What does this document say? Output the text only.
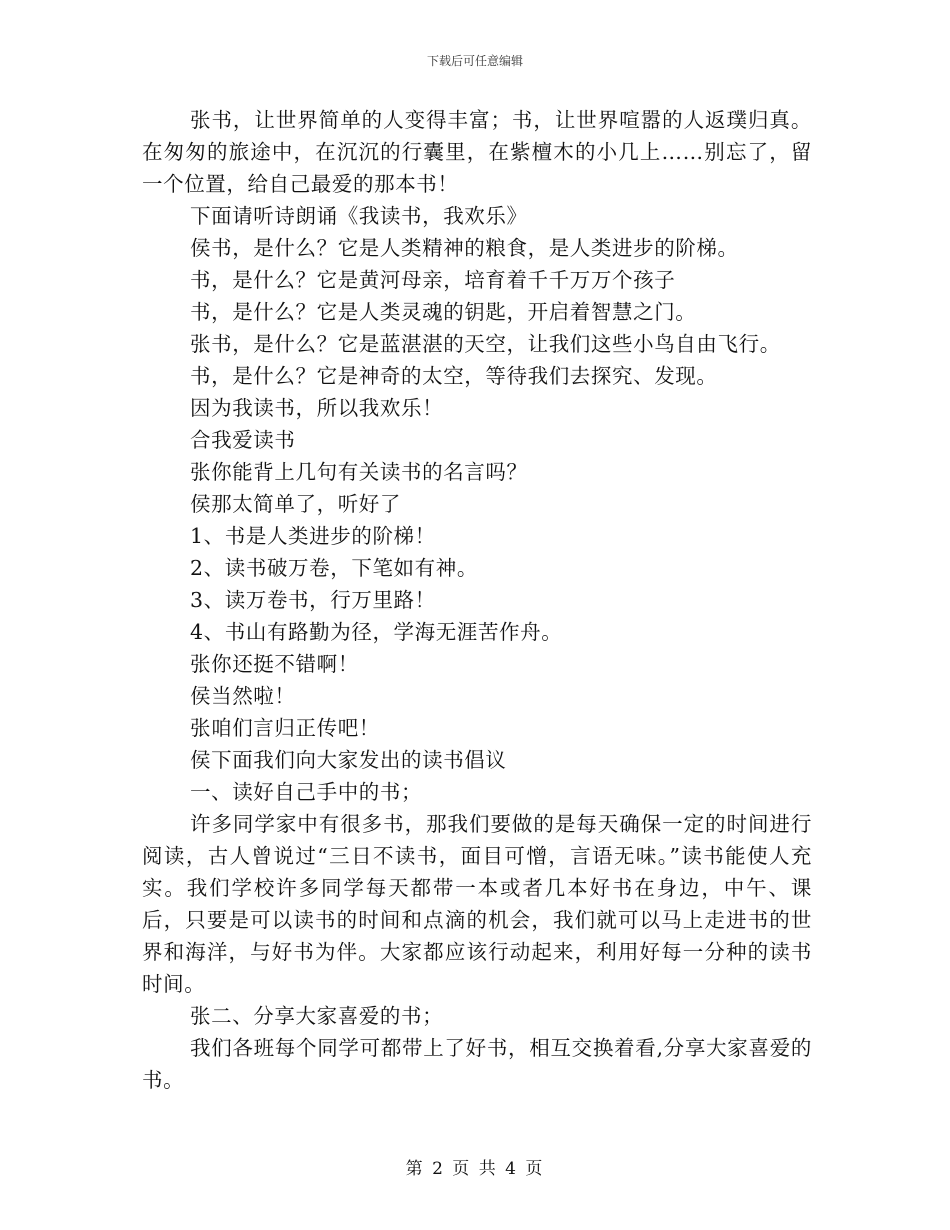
下载后可任意编辑

张书，让世界简单的人变得丰富；书，让世界喧嚣的人返璞归真。在匆匆的旅途中，在沉沉的行囊里，在紫檀木的小几上……别忘了，留一个位置，给自己最爱的那本书！

下面请听诗朗诵《我读书，我欢乐》

侯书，是什么？它是人类精神的粮食，是人类进步的阶梯。

书，是什么？它是黄河母亲，培育着千千万万个孩子

书，是什么？它是人类灵魂的钥匙，开启着智慧之门。

张书，是什么？它是蓝湛湛的天空，让我们这些小鸟自由飞行。

书，是什么？它是神奇的太空，等待我们去探究、发现。

因为我读书，所以我欢乐！

合我爱读书

张你能背上几句有关读书的名言吗？

侯那太简单了，听好了

1、书是人类进步的阶梯！

2、读书破万卷，下笔如有神。

3、读万卷书，行万里路！

4、书山有路勤为径，学海无涯苦作舟。

张你还挺不错啊！

侯当然啦！

张咱们言归正传吧！

侯下面我们向大家发出的读书倡议

一、读好自己手中的书；

许多同学家中有很多书，那我们要做的是每天确保一定的时间进行阅读，古人曾说过“三日不读书，面目可憎，言语无味。”读书能使人充实。我们学校许多同学每天都带一本或者几本好书在身边，中午、课后，只要是可以读书的时间和点滴的机会，我们就可以马上走进书的世界和海洋，与好书为伴。大家都应该行动起来，利用好每一分种的读书时间。

张二、分享大家喜爱的书；

我们各班每个同学可都带上了好书，相互交换着看,分享大家喜爱的书。

第 2 页 共 4 页
